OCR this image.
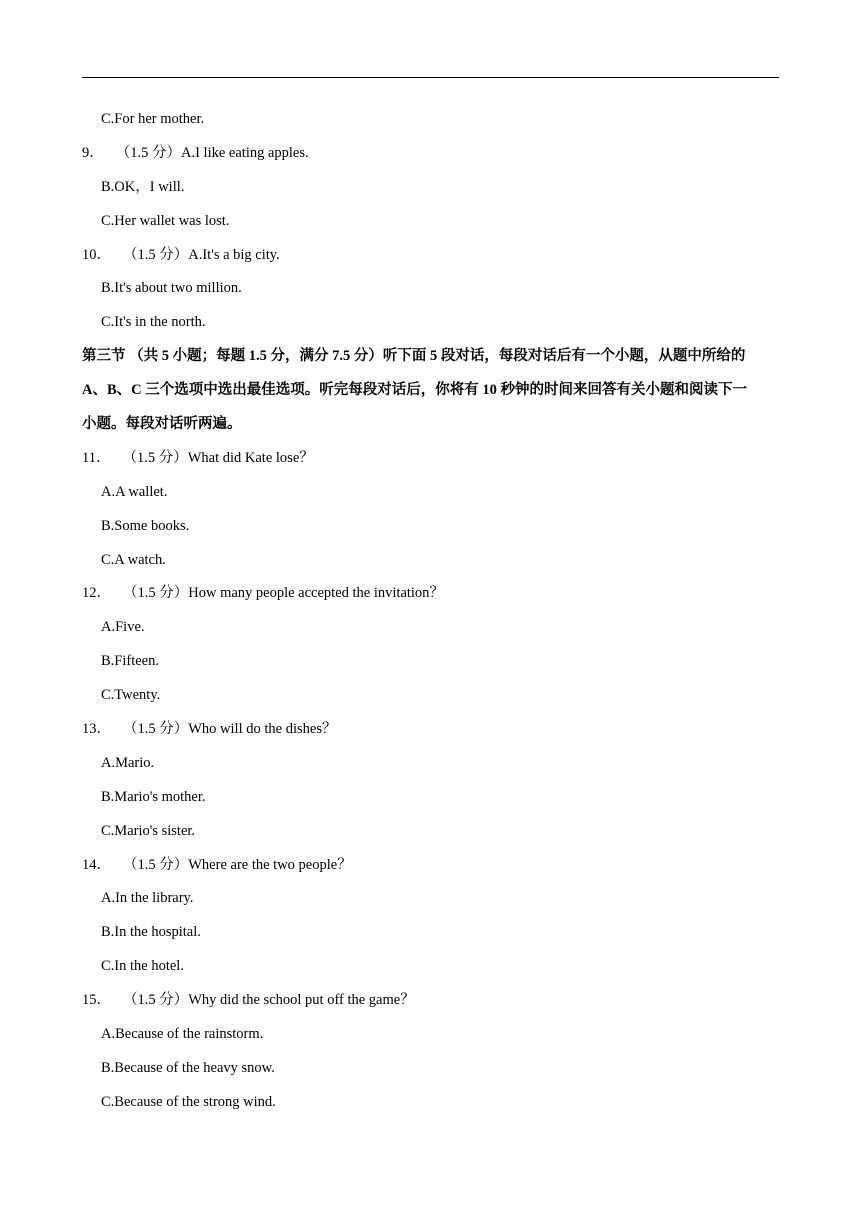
C.For her mother.
9． （1.5 分）A.I like eating apples.
B.OK，I will.
C.Her wallet was lost.
10． （1.5 分）A.It's a big city.
B.It's about two million.
C.It's in the north.
第三节 （共 5 小题；每题 1.5 分，满分 7.5 分）听下面 5 段对话，每段对话后有一个小题，从题中所给的
A、B、C 三个选项中选出最佳选项。听完每段对话后，你将有 10 秒钟的时间来回答有关小题和阅读下一
小题。每段对话听两遍。
11． （1.5 分）What did Kate lose？
A.A wallet.
B.Some books.
C.A watch.
12． （1.5 分）How many people accepted the invitation？
A.Five.
B.Fifteen.
C.Twenty.
13． （1.5 分）Who will do the dishes？
A.Mario.
B.Mario's mother.
C.Mario's sister.
14． （1.5 分）Where are the two people？
A.In the library.
B.In the hospital.
C.In the hotel.
15． （1.5 分）Why did the school put off the game？
A.Because of the rainstorm.
B.Because of the heavy snow.
C.Because of the strong wind.
